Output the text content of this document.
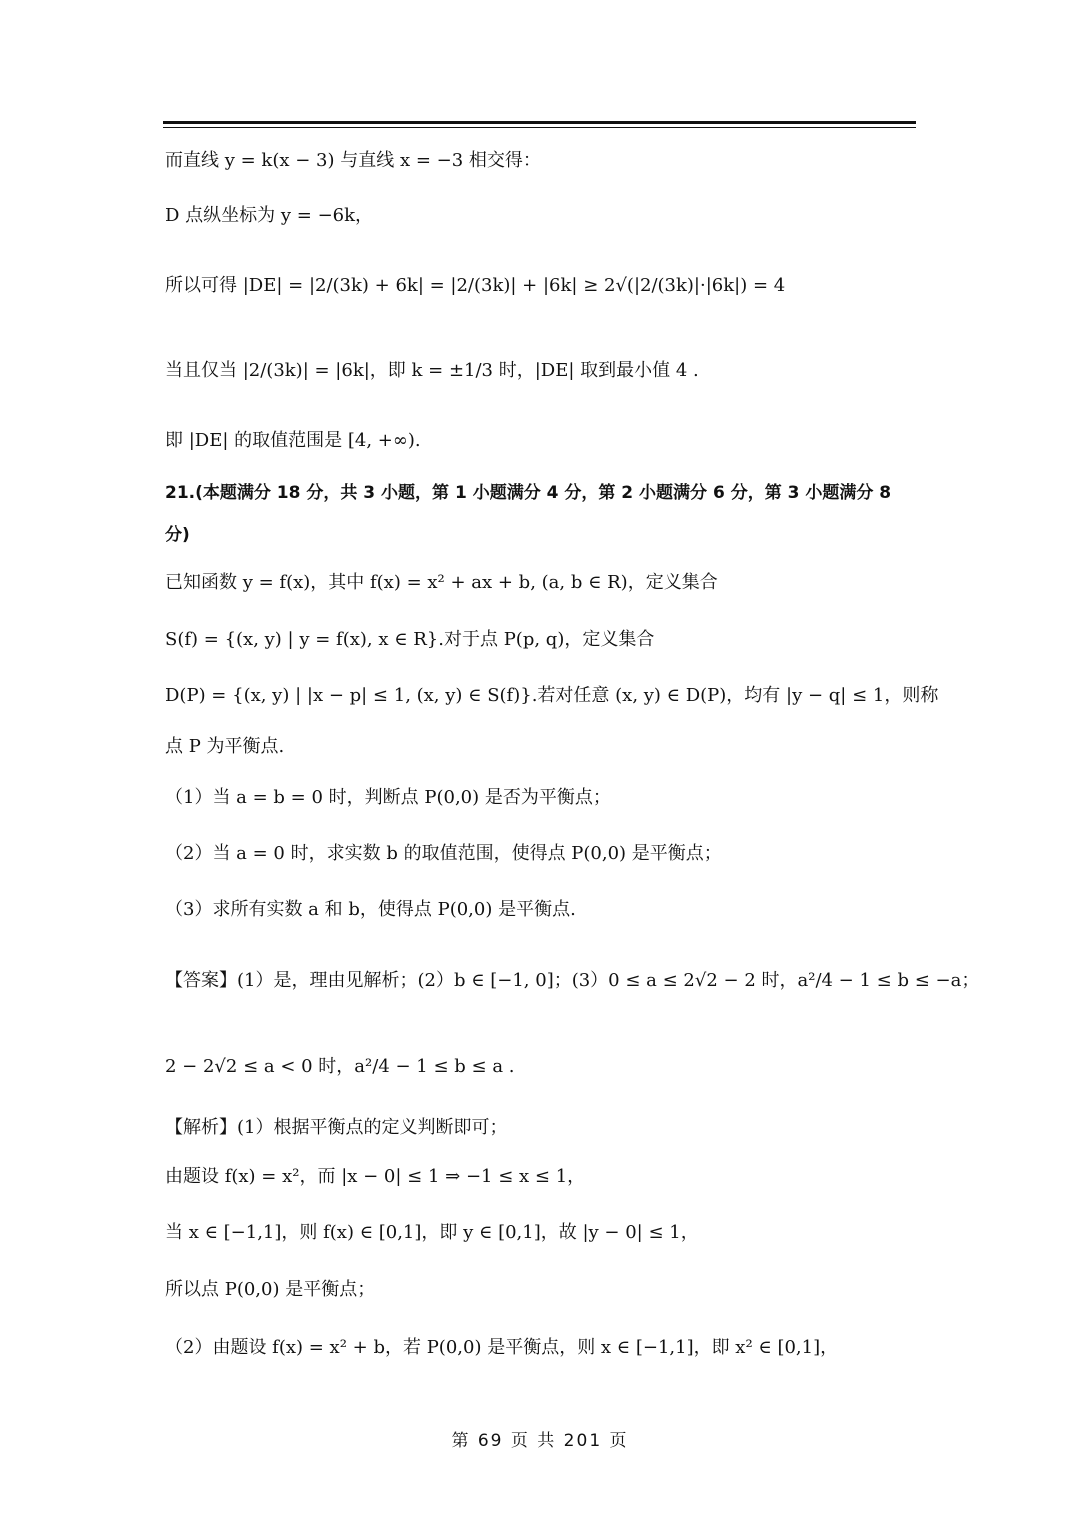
而直线 y = k(x − 3) 与直线 x = −3 相交得：
D 点纵坐标为 y = −6k，
所以可得 |DE| = |2/(3k) + 6k| = |2/(3k)| + |6k| ≥ 2√(|2/(3k)|·|6k|) = 4
当且仅当 |2/(3k)| = |6k|，即 k = ±1/3 时，|DE| 取到最小值 4 .
即 |DE| 的取值范围是 [4, +∞).
21.(本题满分 18 分，共 3 小题，第 1 小题满分 4 分，第 2 小题满分 6 分，第 3 小题满分 8
分)
已知函数 y = f(x)，其中 f(x) = x² + ax + b, (a, b ∈ R)，定义集合
S(f) = {(x, y) | y = f(x), x ∈ R}.对于点 P(p, q)，定义集合
D(P) = {(x, y) | |x − p| ≤ 1, (x, y) ∈ S(f)}.若对任意 (x, y) ∈ D(P)，均有 |y − q| ≤ 1，则称
点 P 为平衡点.
（1）当 a = b = 0 时，判断点 P(0,0) 是否为平衡点；
（2）当 a = 0 时，求实数 b 的取值范围，使得点 P(0,0) 是平衡点；
（3）求所有实数 a 和 b，使得点 P(0,0) 是平衡点.
【答案】(1）是，理由见解析；(2）b ∈ [−1, 0]；(3）0 ≤ a ≤ 2√2 − 2 时，a²/4 − 1 ≤ b ≤ −a；
2 − 2√2 ≤ a < 0 时，a²/4 − 1 ≤ b ≤ a .
【解析】(1）根据平衡点的定义判断即可；
由题设 f(x) = x²，而 |x − 0| ≤ 1 ⇒ −1 ≤ x ≤ 1，
当 x ∈ [−1,1]，则 f(x) ∈ [0,1]，即 y ∈ [0,1]，故 |y − 0| ≤ 1，
所以点 P(0,0) 是平衡点；
（2）由题设 f(x) = x² + b，若 P(0,0) 是平衡点，则 x ∈ [−1,1]，即 x² ∈ [0,1]，
第 69 页 共 201 页
